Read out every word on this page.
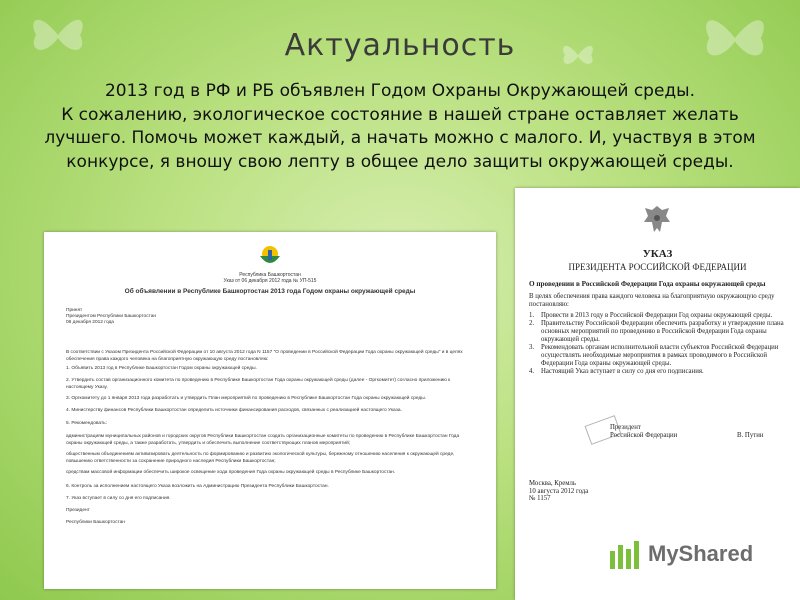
Актуальность

2013 год в РФ и РБ объявлен Годом Охраны Окружающей среды.

К сожалению, экологическое состояние в нашей стране оставляет желать лучшего. Помочь может каждый, а начать можно с малого. И, участвуя в этом конкурсе, я вношу свою лепту в общее дело защиты окружающей среды.

Республика Башкортостан
Указ от 06 декабря 2012 года № УП-515
Об объявлении в Республике Башкортостан 2013 года Годом охраны окружающей среды
Принят
Президентом Республики Башкортостан
06 декабря 2012 года
В соответствии с Указом Президента Российской Федерации от 10 августа 2012 года N 1157 "О проведении в Российской Федерации Года охраны окружающей среды" и в целях обеспечения права каждого человека на благоприятную окружающую среду постановляю:
1. Объявить 2013 год в Республике Башкортостан Годом охраны окружающей среды.
2. Утвердить состав организационного комитета по проведению в Республике Башкортостан Года охраны окружающей среды (далее - Оргкомитет) согласно приложению к настоящему Указу.
3. Оргкомитету до 1 января 2013 года разработать и утвердить План мероприятий по проведению в Республике Башкортостан Года охраны окружающей среды.
4. Министерству финансов Республики Башкортостан определить источники финансирования расходов, связанных с реализацией настоящего Указа.
5. Рекомендовать:
администрациям муниципальных районов и городских округов Республики Башкортостан создать организационные комитеты по проведению в Республике Башкортостан Года охраны окружающей среды, а также разработать, утвердить и обеспечить выполнение соответствующих планов мероприятий;
общественным объединениям активизировать деятельность по формированию и развитию экологической культуры, бережному отношению населения к окружающей среде, повышению ответственности за сохранение природного наследия Республики Башкортостан;
средствам массовой информации обеспечить широкое освещение хода проведения Года охраны окружающей среды в Республике Башкортостан.
6. Контроль за исполнением настоящего Указа возложить на Администрацию Президента Республики Башкортостан.
7. Указ вступает в силу со дня его подписания.
Президент
Республики Башкортостан
УКАЗ
ПРЕЗИДЕНТА РОССИЙСКОЙ ФЕДЕРАЦИИ
О проведении в Российской Федерации Года охраны окружающей среды
В целях обеспечения права каждого человека на благоприятную окружающую среду постановляю:
1.	Провести в 2013 году в Российской Федерации Год охраны окружающей среды.
2.	Правительству Российской Федерации обеспечить разработку и утверждение плана основных мероприятий по проведению в Российской Федерации Года охраны окружающей среды.
3.	Рекомендовать органам исполнительной власти субъектов Российской Федерации осуществлять необходимые мероприятия в рамках проводимого в Российской Федерации Года охраны окружающей среды.
4.	Настоящий Указ вступает в силу со дня его подписания.
Президент
Российской Федерации	В. Путин
Москва, Кремль
10 августа 2012 года
№ 1157
MyShared
